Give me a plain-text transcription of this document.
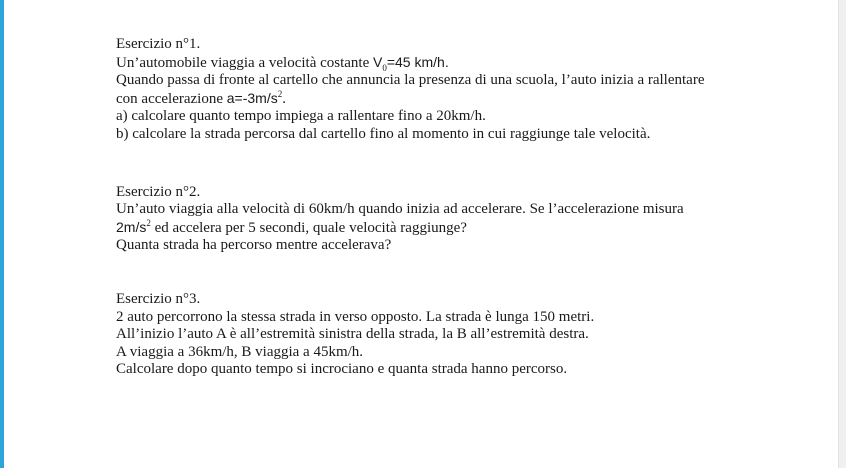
Esercizio n°1.

Un’automobile viaggia a velocità costante $V_0=45$ km/h.

Quando passa di fronte al cartello che annuncia la presenza di una scuola, l’auto inizia a rallentare

con accelerazione $a=-3m/s^2$.

a) calcolare quanto tempo impiega a rallentare fino a 20km/h.

b) calcolare la strada percorsa dal cartello fino al momento in cui raggiunge tale velocità.

Esercizio n°2.

Un’auto viaggia alla velocità di 60km/h quando inizia ad accelerare. Se l’accelerazione misura

$2m/s^2$ ed accelera per 5 secondi, quale velocità raggiunge?

Quanta strada ha percorso mentre accelerava?

Esercizio n°3.

2 auto percorrono la stessa strada in verso opposto. La strada è lunga 150 metri.

All’inizio l’auto A è all’estremità sinistra della strada, la B all’estremità destra.

A viaggia a 36km/h, B viaggia a 45km/h.

Calcolare dopo quanto tempo si incrociano e quanta strada hanno percorso.
